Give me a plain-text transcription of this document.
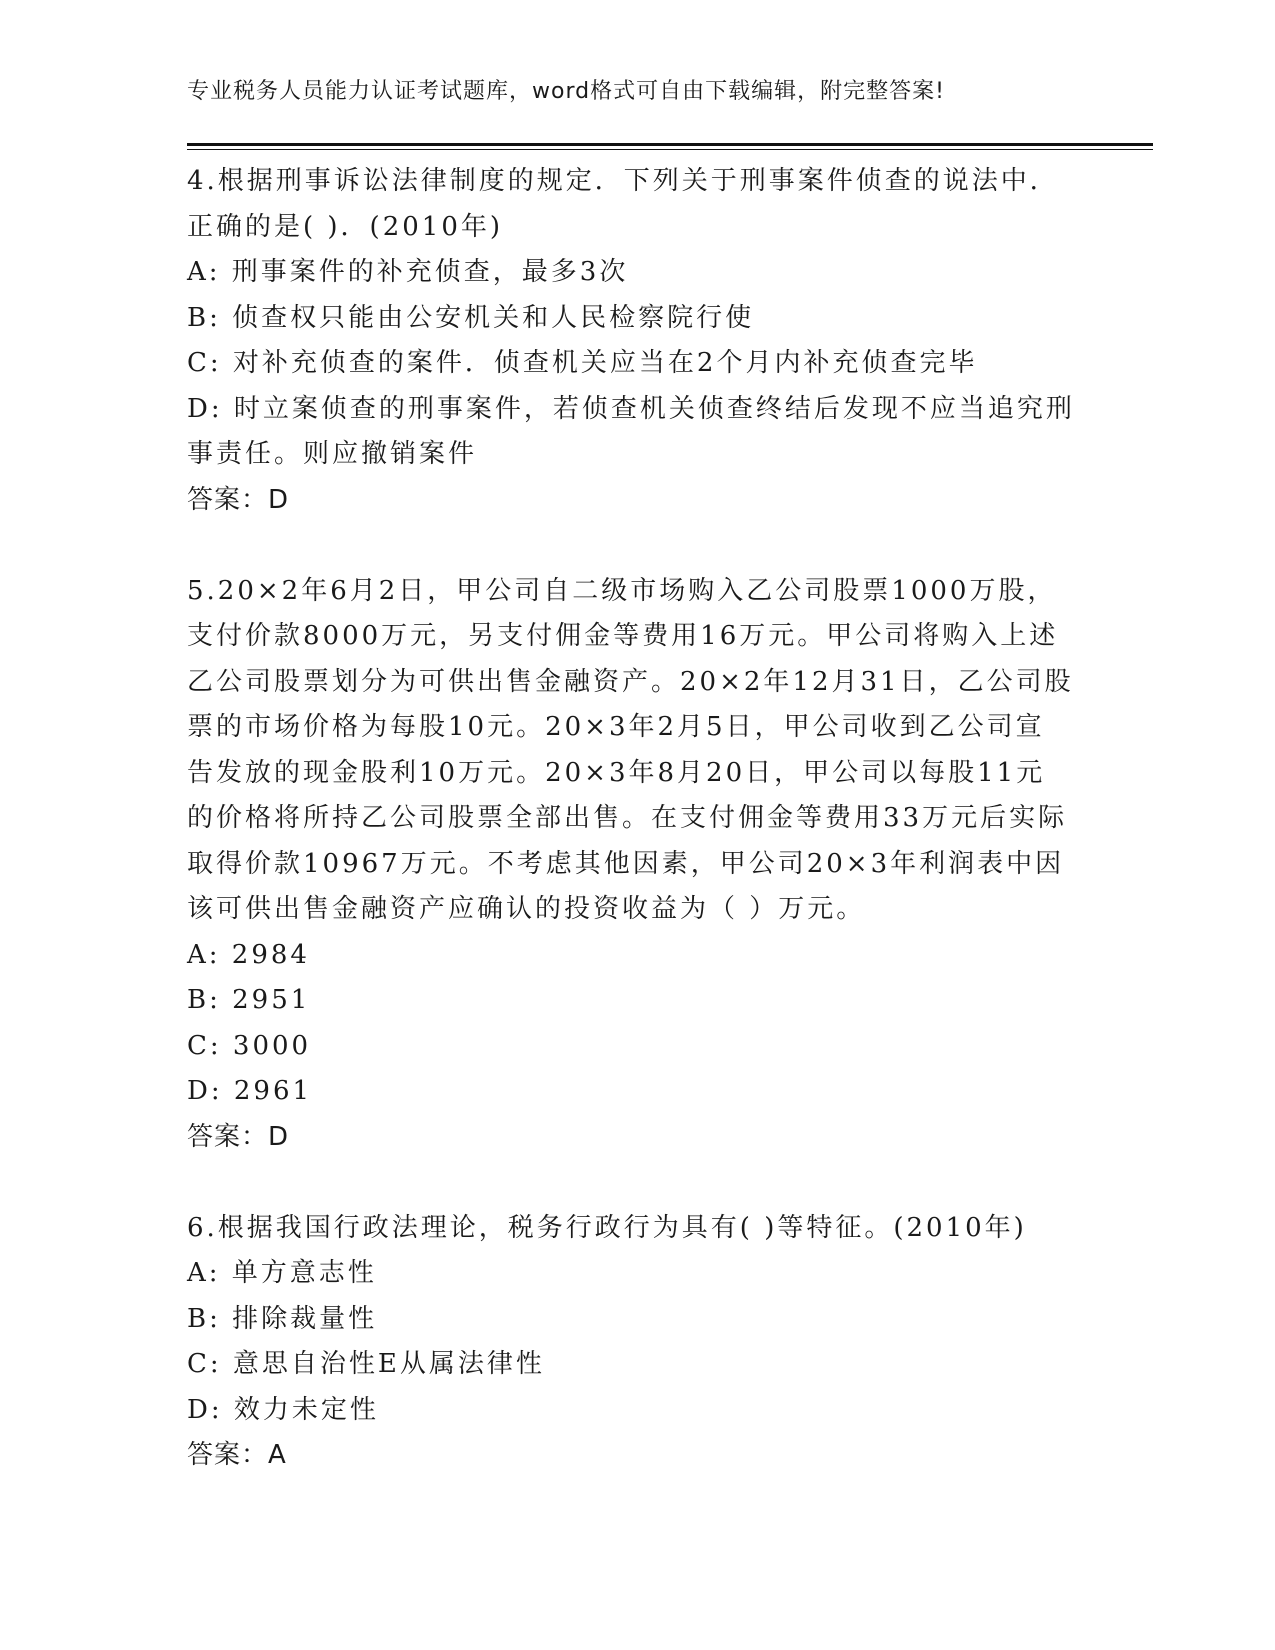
专业税务人员能力认证考试题库，word格式可自由下载编辑，附完整答案!
4.根据刑事诉讼法律制度的规定．下列关于刑事案件侦查的说法中．
正确的是( )．(2010年)
A: 刑事案件的补充侦查，最多3次
B: 侦查权只能由公安机关和人民检察院行使
C: 对补充侦查的案件．侦查机关应当在2个月内补充侦查完毕
D: 时立案侦查的刑事案件，若侦查机关侦查终结后发现不应当追究刑
事责任。则应撤销案件
答案：D
5.20×2年6月2日，甲公司自二级市场购入乙公司股票1000万股，
支付价款8000万元，另支付佣金等费用16万元。甲公司将购入上述
乙公司股票划分为可供出售金融资产。20×2年12月31日，乙公司股
票的市场价格为每股10元。20×3年2月5日，甲公司收到乙公司宣
告发放的现金股利10万元。20×3年8月20日，甲公司以每股11元
的价格将所持乙公司股票全部出售。在支付佣金等费用33万元后实际
取得价款10967万元。不考虑其他因素，甲公司20×3年利润表中因
该可供出售金融资产应确认的投资收益为（ ）万元。
A: 2984
B: 2951
C: 3000
D: 2961
答案：D
6.根据我国行政法理论，税务行政行为具有( )等特征。(2010年)
A: 单方意志性
B: 排除裁量性
C: 意思自治性E从属法律性
D: 效力未定性
答案：A
